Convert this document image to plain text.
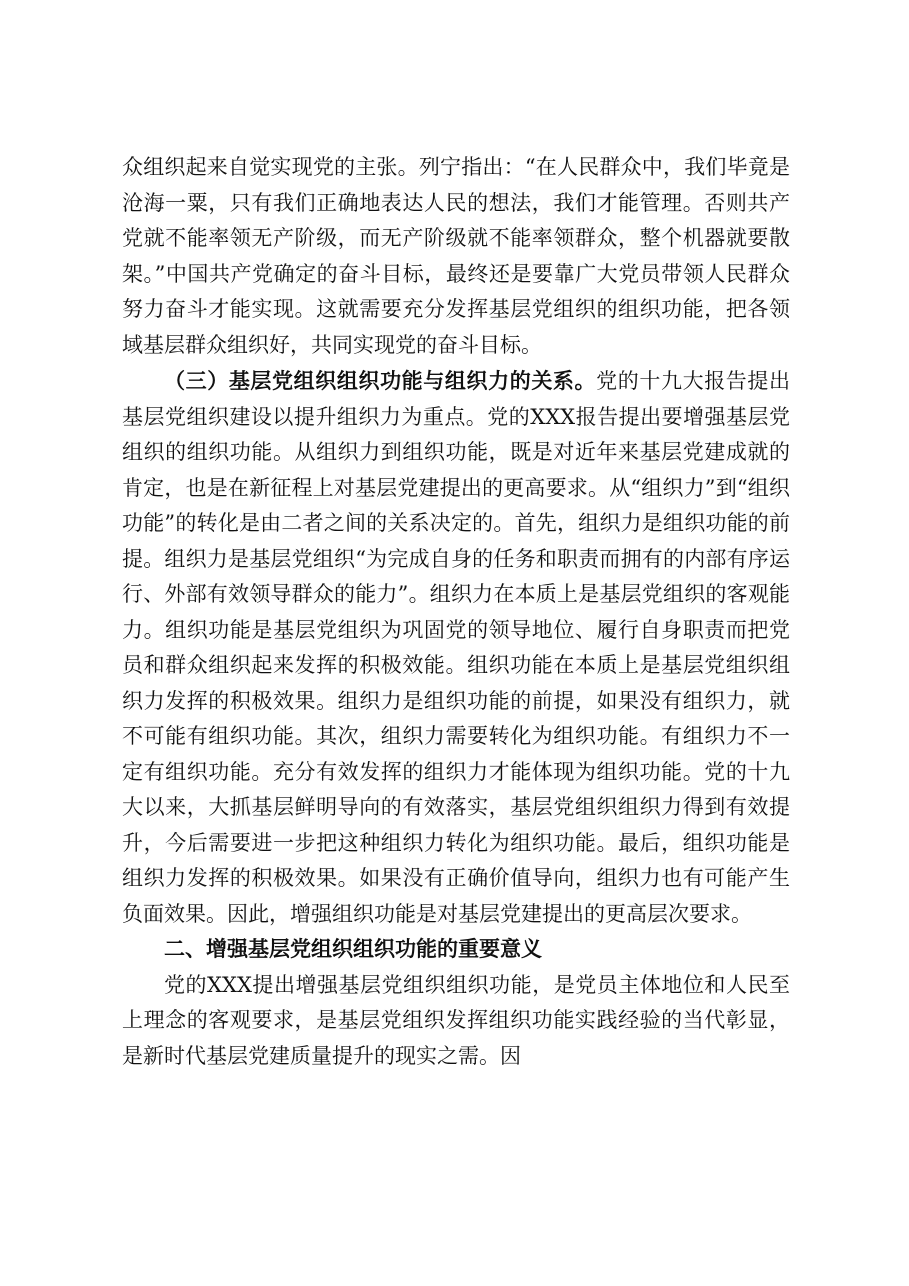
众组织起来自觉实现党的主张。列宁指出：“在人民群众中，我们毕竟是沧海一粟，只有我们正确地表达人民的想法，我们才能管理。否则共产党就不能率领无产阶级，而无产阶级就不能率领群众，整个机器就要散架。”中国共产党确定的奋斗目标，最终还是要靠广大党员带领人民群众努力奋斗才能实现。这就需要充分发挥基层党组织的组织功能，把各领域基层群众组织好，共同实现党的奋斗目标。

（三）基层党组织组织功能与组织力的关系。党的十九大报告提出基层党组织建设以提升组织力为重点。党的XXX报告提出要增强基层党组织的组织功能。从组织力到组织功能，既是对近年来基层党建成就的肯定，也是在新征程上对基层党建提出的更高要求。从“组织力”到“组织功能”的转化是由二者之间的关系决定的。首先，组织力是组织功能的前提。组织力是基层党组织“为完成自身的任务和职责而拥有的内部有序运行、外部有效领导群众的能力”。组织力在本质上是基层党组织的客观能力。组织功能是基层党组织为巩固党的领导地位、履行自身职责而把党员和群众组织起来发挥的积极效能。组织功能在本质上是基层党组织组织力发挥的积极效果。组织力是组织功能的前提，如果没有组织力，就不可能有组织功能。其次，组织力需要转化为组织功能。有组织力不一定有组织功能。充分有效发挥的组织力才能体现为组织功能。党的十九大以来，大抓基层鲜明导向的有效落实，基层党组织组织力得到有效提升，今后需要进一步把这种组织力转化为组织功能。最后，组织功能是组织力发挥的积极效果。如果没有正确价值导向，组织力也有可能产生负面效果。因此，增强组织功能是对基层党建提出的更高层次要求。

二、增强基层党组织组织功能的重要意义

党的XXX提出增强基层党组织组织功能，是党员主体地位和人民至上理念的客观要求，是基层党组织发挥组织功能实践经验的当代彰显，是新时代基层党建质量提升的现实之需。因
